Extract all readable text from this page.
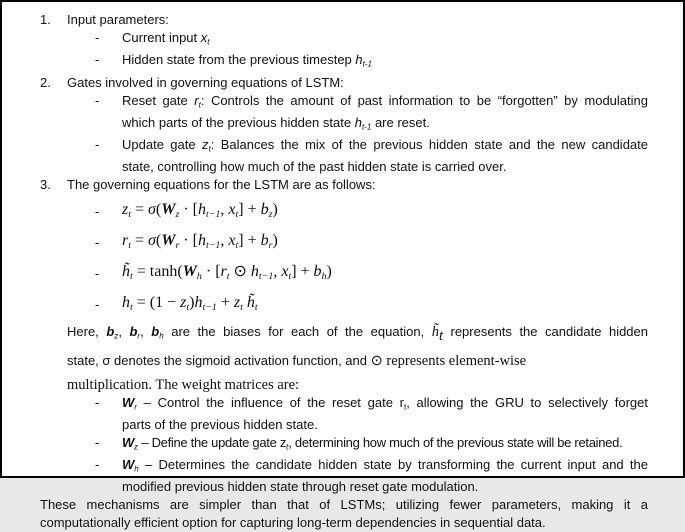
1. Input parameters:
- Current input $x_t$
- Hidden state from the previous timestep $h_{t-1}$
2. Gates involved in governing equations of LSTM:
- Reset gate $r_t$: Controls the amount of past information to be “forgotten” by modulating
which parts of the previous hidden state $h_{t-1}$ are reset.
- Update gate $z_t$: Balances the mix of the previous hidden state and the new candidate
state, controlling how much of the past hidden state is carried over.
3. The governing equations for the LSTM are as follows:
- $z_t = \sigma(W_z \cdot [h_{t-1}$, $x_t] + b_z$)
- $r_t = \sigma(W_r \cdot [h_{t-1}$, $x_t] + b_r$)
- $h̃_t = \tanh(W_h \cdot [r_t$ ⊙ $h_{t-1}$, $x_t] + b_h$)
- $h_t = (1 - z_t)h_{t-1} + z_t$ $h̃_t$
Here, $b_z$, $b_r$, $b_h$ are the biases for each of the equation, h̃t represents the candidate hidden
state, σ denotes the sigmoid activation function, and ⊙ represents element-wise
multiplication. The weight matrices are:
- $W_r$ – Control the influence of the reset gate $r_t$, allowing the GRU to selectively forget
parts of the previous hidden state.
- $W_z$ – Define the update gate $z_t$, determining how much of the previous state will be retained.
- $W_h$ – Determines the candidate hidden state by transforming the current input and the
modified previous hidden state through reset gate modulation.
These mechanisms are simpler than that of LSTMs; utilizing fewer parameters, making it a
computationally efficient option for capturing long-term dependencies in sequential data.
